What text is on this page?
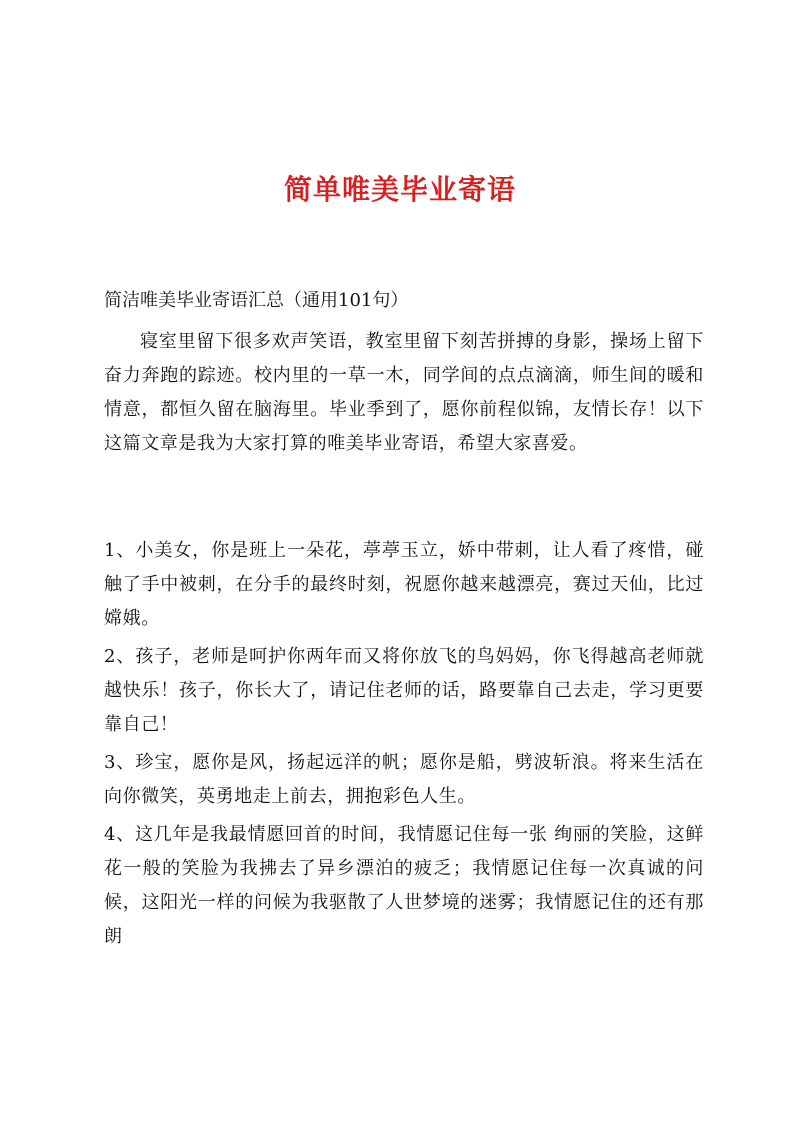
简单唯美毕业寄语

简洁唯美毕业寄语汇总（通用101句）

寝室里留下很多欢声笑语，教室里留下刻苦拼搏的身影，操场上留下奋力奔跑的踪迹。校内里的一草一木，同学间的点点滴滴，师生间的暖和情意，都恒久留在脑海里。毕业季到了，愿你前程似锦，友情长存！以下这篇文章是我为大家打算的唯美毕业寄语，希望大家喜爱。

1、小美女，你是班上一朵花，葶葶玉立，娇中带刺，让人看了疼惜，碰触了手中被刺，在分手的最终时刻，祝愿你越来越漂亮，赛过天仙，比过嫦娥。

2、孩子，老师是呵护你两年而又将你放飞的鸟妈妈，你飞得越高老师就越快乐！孩子，你长大了，请记住老师的话，路要靠自己去走，学习更要靠自己！

3、珍宝，愿你是风，扬起远洋的帆；愿你是船，劈波斩浪。将来生活在向你微笑，英勇地走上前去，拥抱彩色人生。

4、这几年是我最情愿回首的时间，我情愿记住每一张 绚丽的笑脸，这鲜花一般的笑脸为我拂去了异乡漂泊的疲乏；我情愿记住每一次真诚的问候，这阳光一样的问候为我驱散了人世梦境的迷雾；我情愿记住的还有那朗
